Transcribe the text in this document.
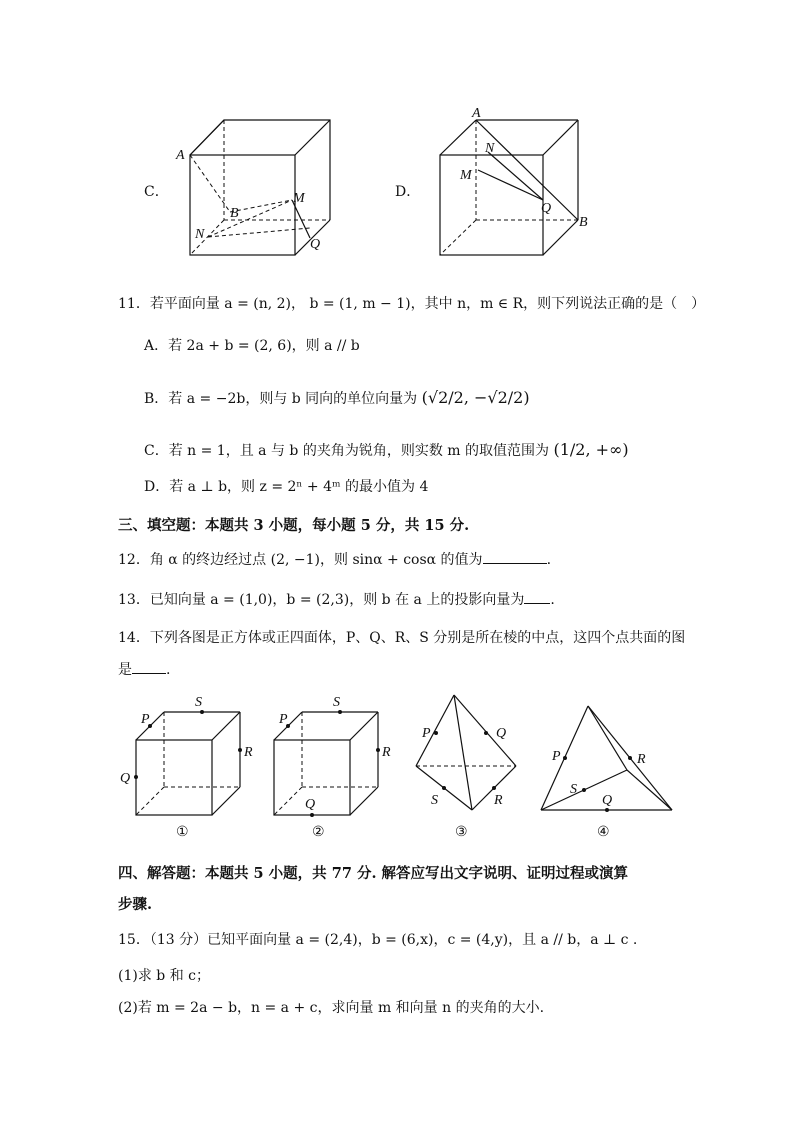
C．
A
B
M
N
Q
D．
A
N
M
Q
B
11．若平面向量 a = (n, 2)， b = (1, m − 1)，其中 n，m ∈ R，则下列说法正确的是（　）
A．若 2a + b = (2, 6)，则 a // b
B．若 a = −2b，则与 b 同向的单位向量为 (√2/2, −√2/2)
C．若 n = 1，且 a 与 b 的夹角为锐角，则实数 m 的取值范围为 (1/2, +∞)
D．若 a ⊥ b，则 z = 2ⁿ + 4ᵐ 的最小值为 4
三、填空题：本题共 3 小题，每小题 5 分，共 15 分.
12．角 α 的终边经过点 (2, −1)，则 sinα + cosα 的值为	.
13．已知向量 a = (1,0)，b = (2,3)，则 b 在 a 上的投影向量为 .
14．下列各图是正方体或正四面体，P、Q、R、S 分别是所在棱的中点，这四个点共面的图
是 .
P
S
R
Q
①
P
S
R
Q
②
P	Q
R
S
③
P	R
S
Q
④
四、解答题：本题共 5 小题，共 77 分. 解答应写出文字说明、证明过程或演算
步骤.
15．（13 分）已知平面向量 a = (2,4)，b = (6,x)，c = (4,y)，且 a // b，a ⊥ c .
(1)求 b 和 c；
(2)若 m = 2a − b，n = a + c，求向量 m 和向量 n 的夹角的大小.
